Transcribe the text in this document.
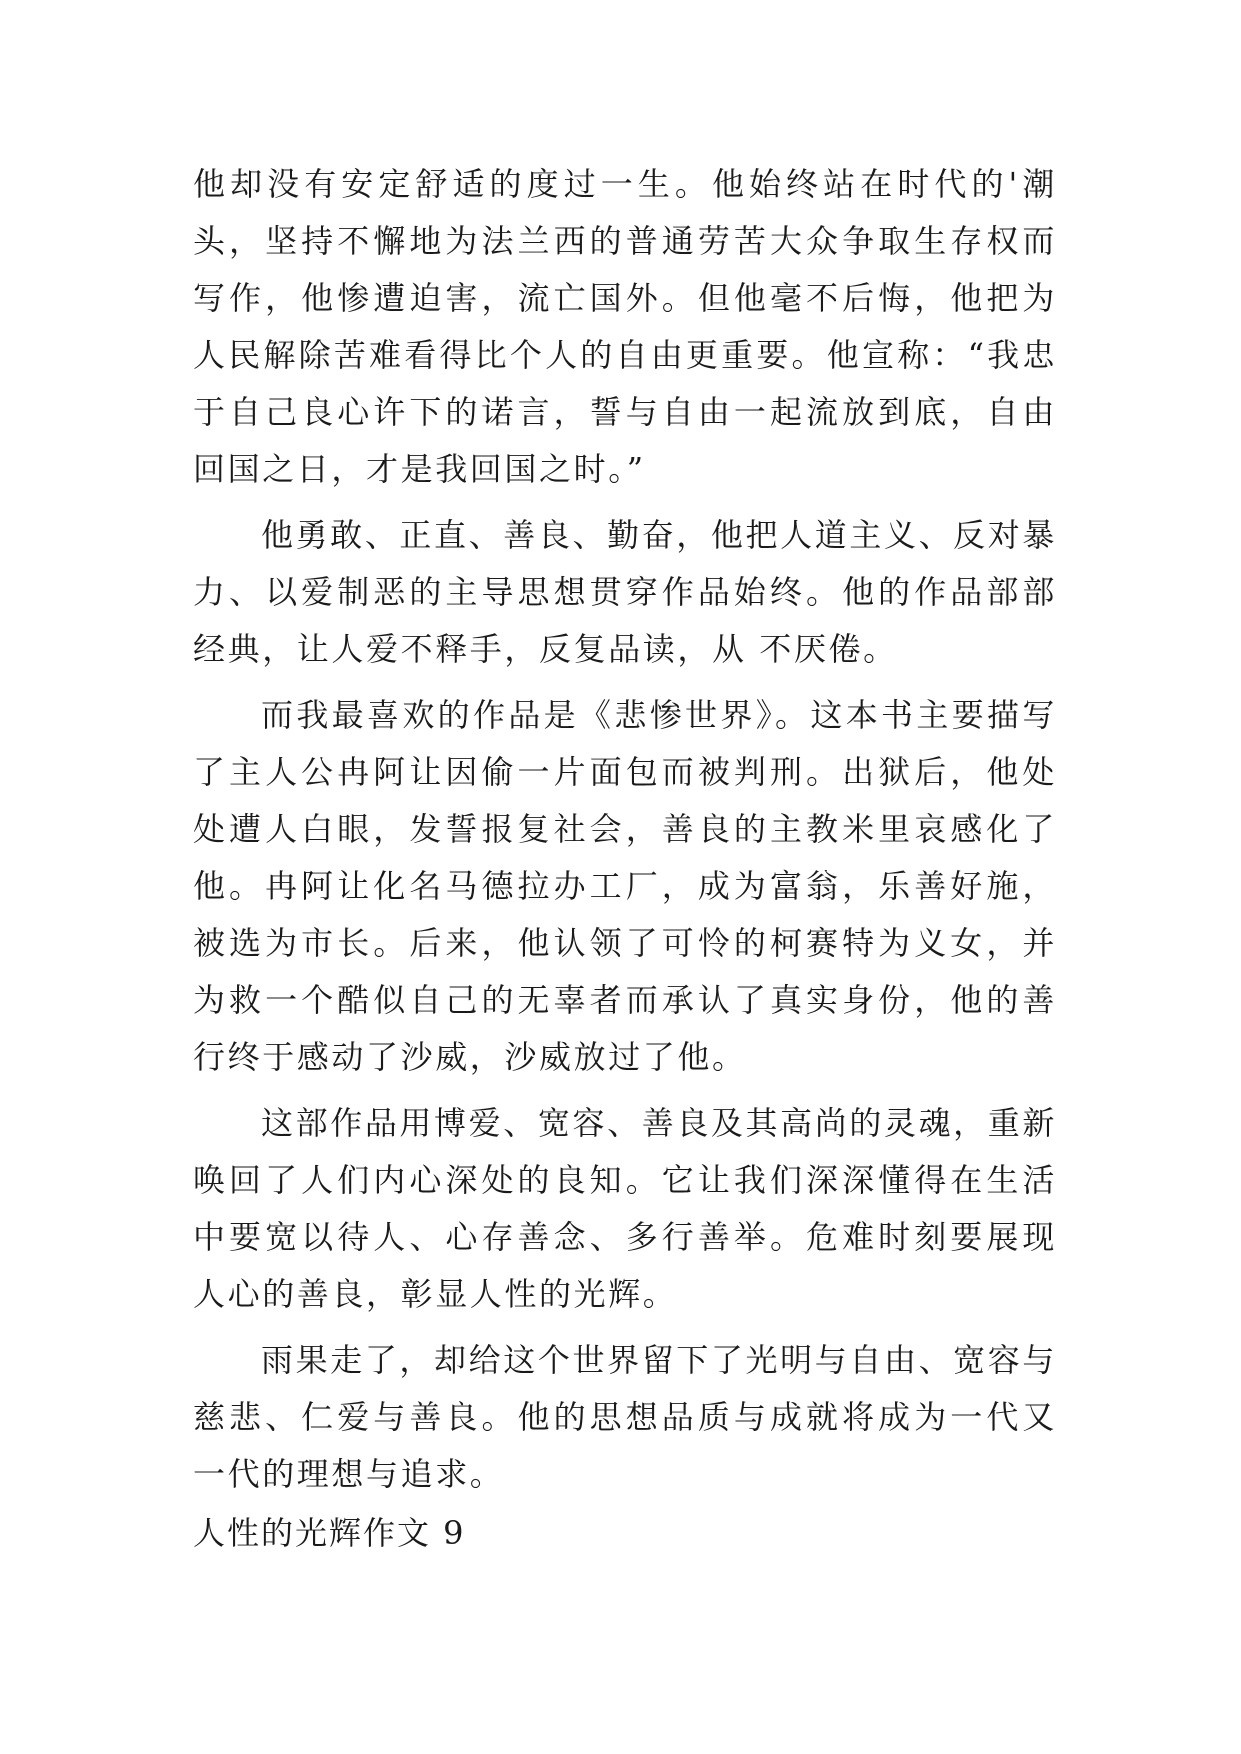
他却没有安定舒适的度过一生。他始终站在时代的'潮头，坚持不懈地为法兰西的普通劳苦大众争取生存权而写作，他惨遭迫害，流亡国外。但他毫不后悔，他把为人民解除苦难看得比个人的自由更重要。他宣称：“我忠于自己良心许下的诺言，誓与自由一起流放到底，自由回国之日，才是我回国之时。”

他勇敢、正直、善良、勤奋，他把人道主义、反对暴力、以爱制恶的主导思想贯穿作品始终。他的作品部部经典，让人爱不释手，反复品读，从 不厌倦。

而我最喜欢的作品是《悲惨世界》。这本书主要描写了主人公冉阿让因偷一片面包而被判刑。出狱后，他处处遭人白眼，发誓报复社会，善良的主教米里哀感化了他。冉阿让化名马德拉办工厂，成为富翁，乐善好施，被选为市长。后来，他认领了可怜的柯赛特为义女，并为救一个酷似自己的无辜者而承认了真实身份，他的善行终于感动了沙威，沙威放过了他。

这部作品用博爱、宽容、善良及其高尚的灵魂，重新唤回了人们内心深处的良知。它让我们深深懂得在生活中要宽以待人、心存善念、多行善举。危难时刻要展现人心的善良，彰显人性的光辉。

雨果走了，却给这个世界留下了光明与自由、宽容与慈悲、仁爱与善良。他的思想品质与成就将成为一代又一代的理想与追求。

人性的光辉作文 9
